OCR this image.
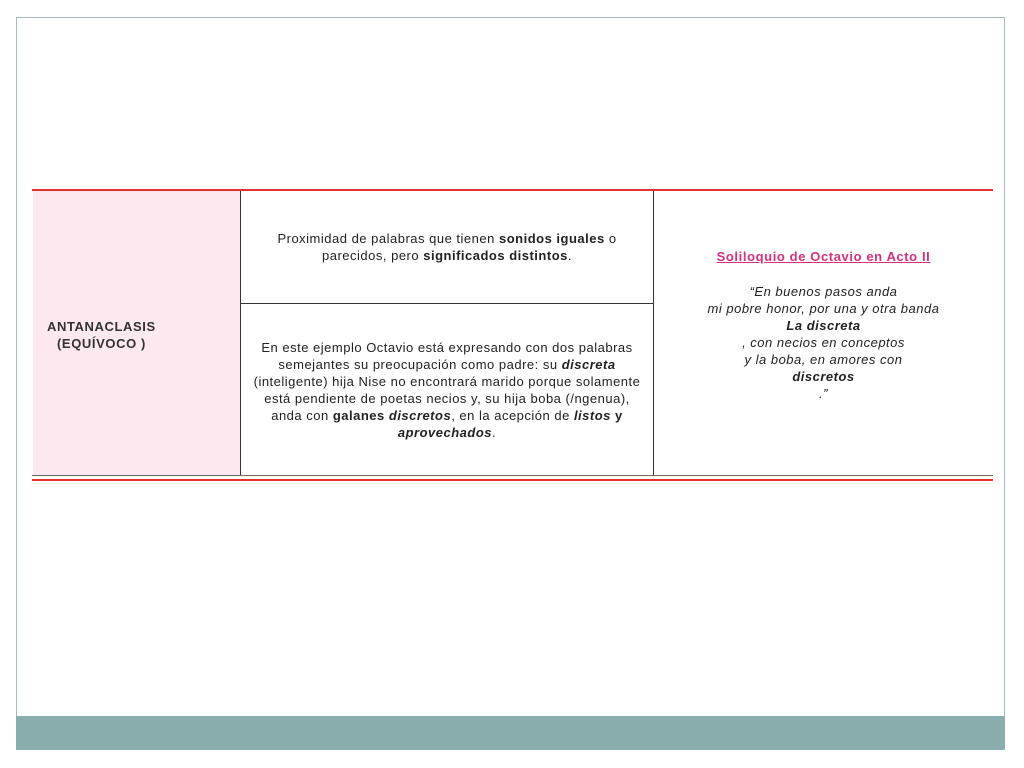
ANTANACLASIS
(EQUÍVOCO )
Proximidad de palabras que tienen sonidos iguales o parecidos, pero significados distintos.
En este ejemplo Octavio está expresando con dos palabras semejantes su preocupación como padre: su discreta (inteligente) hija Nise no encontrará marido porque solamente está pendiente de poetas necios y, su hija boba (/ngenua), anda con galanes discretos, en la acepción de listos y aprovechados.
Soliloquio de Octavio en Acto II
“En buenos pasos anda
mi pobre honor, por una y otra banda
La discreta
, con necios en conceptos
y la boba, en amores con
discretos
.”
